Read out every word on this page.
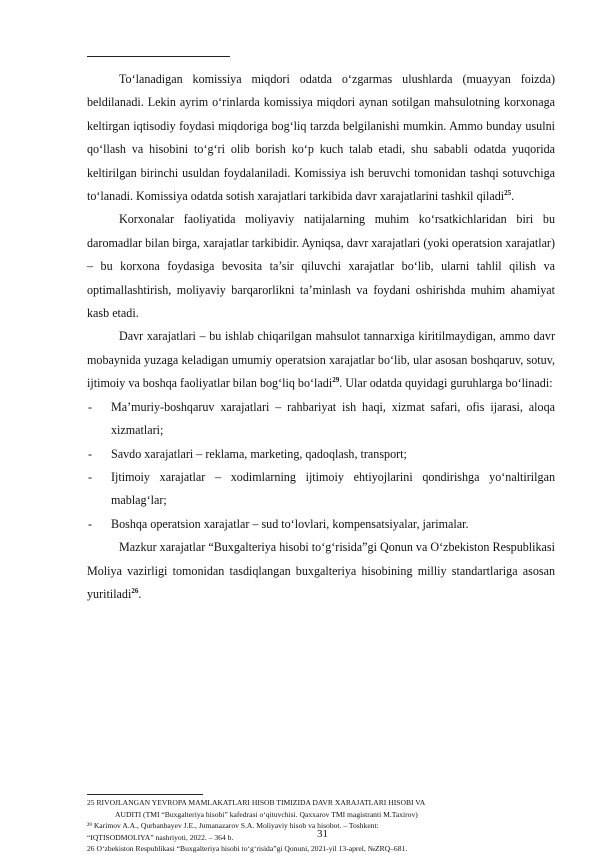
To‘lanadigan komissiya miqdori odatda o‘zgarmas ulushlarda (muayyan foizda) beldilanadi. Lekin ayrim o‘rinlarda komissiya miqdori aynan sotilgan mahsulotning korxonaga keltirgan iqtisodiy foydasi miqdoriga bog‘liq tarzda belgilanishi mumkin. Ammo bunday usulni qo‘llash va hisobini to‘g‘ri olib borish ko‘p kuch talab etadi, shu sababli odatda yuqorida keltirilgan birinchi usuldan foydalaniladi. Komissiya ish beruvchi tomonidan tashqi sotuvchiga to‘lanadi. Komissiya odatda sotish xarajatlari tarkibida davr xarajatlarini tashkil qiladi$^{25}$.

Korxonalar faoliyatida moliyaviy natijalarning muhim ko‘rsatkichlaridan biri bu daromadlar bilan birga, xarajatlar tarkibidir. Ayniqsa, davr xarajatlari (yoki operatsion xarajatlar) – bu korxona foydasiga bevosita ta’sir qiluvchi xarajatlar bo‘lib, ularni tahlil qilish va optimallashtirish, moliyaviy barqarorlikni ta’minlash va foydani oshirishda muhim ahamiyat kasb etadi.

Davr xarajatlari – bu ishlab chiqarilgan mahsulot tannarxiga kiritilmaydigan, ammo davr mobaynida yuzaga keladigan umumiy operatsion xarajatlar bo‘lib, ular asosan boshqaruv, sotuv, ijtimoiy va boshqa faoliyatlar bilan bog‘liq bo‘ladi$^{29}$. Ular odatda quyidagi guruhlarga bo‘linadi:

- Ma’muriy-boshqaruv xarajatlari – rahbariyat ish haqi, xizmat safari, ofis ijarasi, aloqa xizmatlari;
- Savdo xarajatlari – reklama, marketing, qadoqlash, transport;
- Ijtimoiy xarajatlar – xodimlarning ijtimoiy ehtiyojlarini qondirishga yo‘naltirilgan mablag‘lar;
- Boshqa operatsion xarajatlar – sud to‘lovlari, kompensatsiyalar, jarimalar.

Mazkur xarajatlar “Buxgalteriya hisobi to‘g‘risida”gi Qonun va O‘zbekiston Respublikasi Moliya vazirligi tomonidan tasdiqlangan buxgalteriya hisobining milliy standartlariga asosan yuritiladi$^{26}$.

25 RIVOJLANGAN YEVROPA MAMLAKATLARI HISOB TIMIZIDA DAVR XARAJATLARI HISOBI VA
AUDITI (TMI “Buxgalteriya hisobi” kafedrasi o‘qituvchisi. Qaxxarov TMI magistranti M.Taxirov)
²⁹ Karimov A.A., Qurbanbayev J.E., Jumanazarov S.A. Moliyaviy hisob va hisobot. – Toshkent:
“IQTISODMOLIYA” nashriyoti, 2022. – 364 b.
26 O‘zbekiston Respublikasi “Buxgalteriya hisobi to‘g‘risida”gi Qonuni, 2021-yil 13-aprel, №ZRQ–681.
31
